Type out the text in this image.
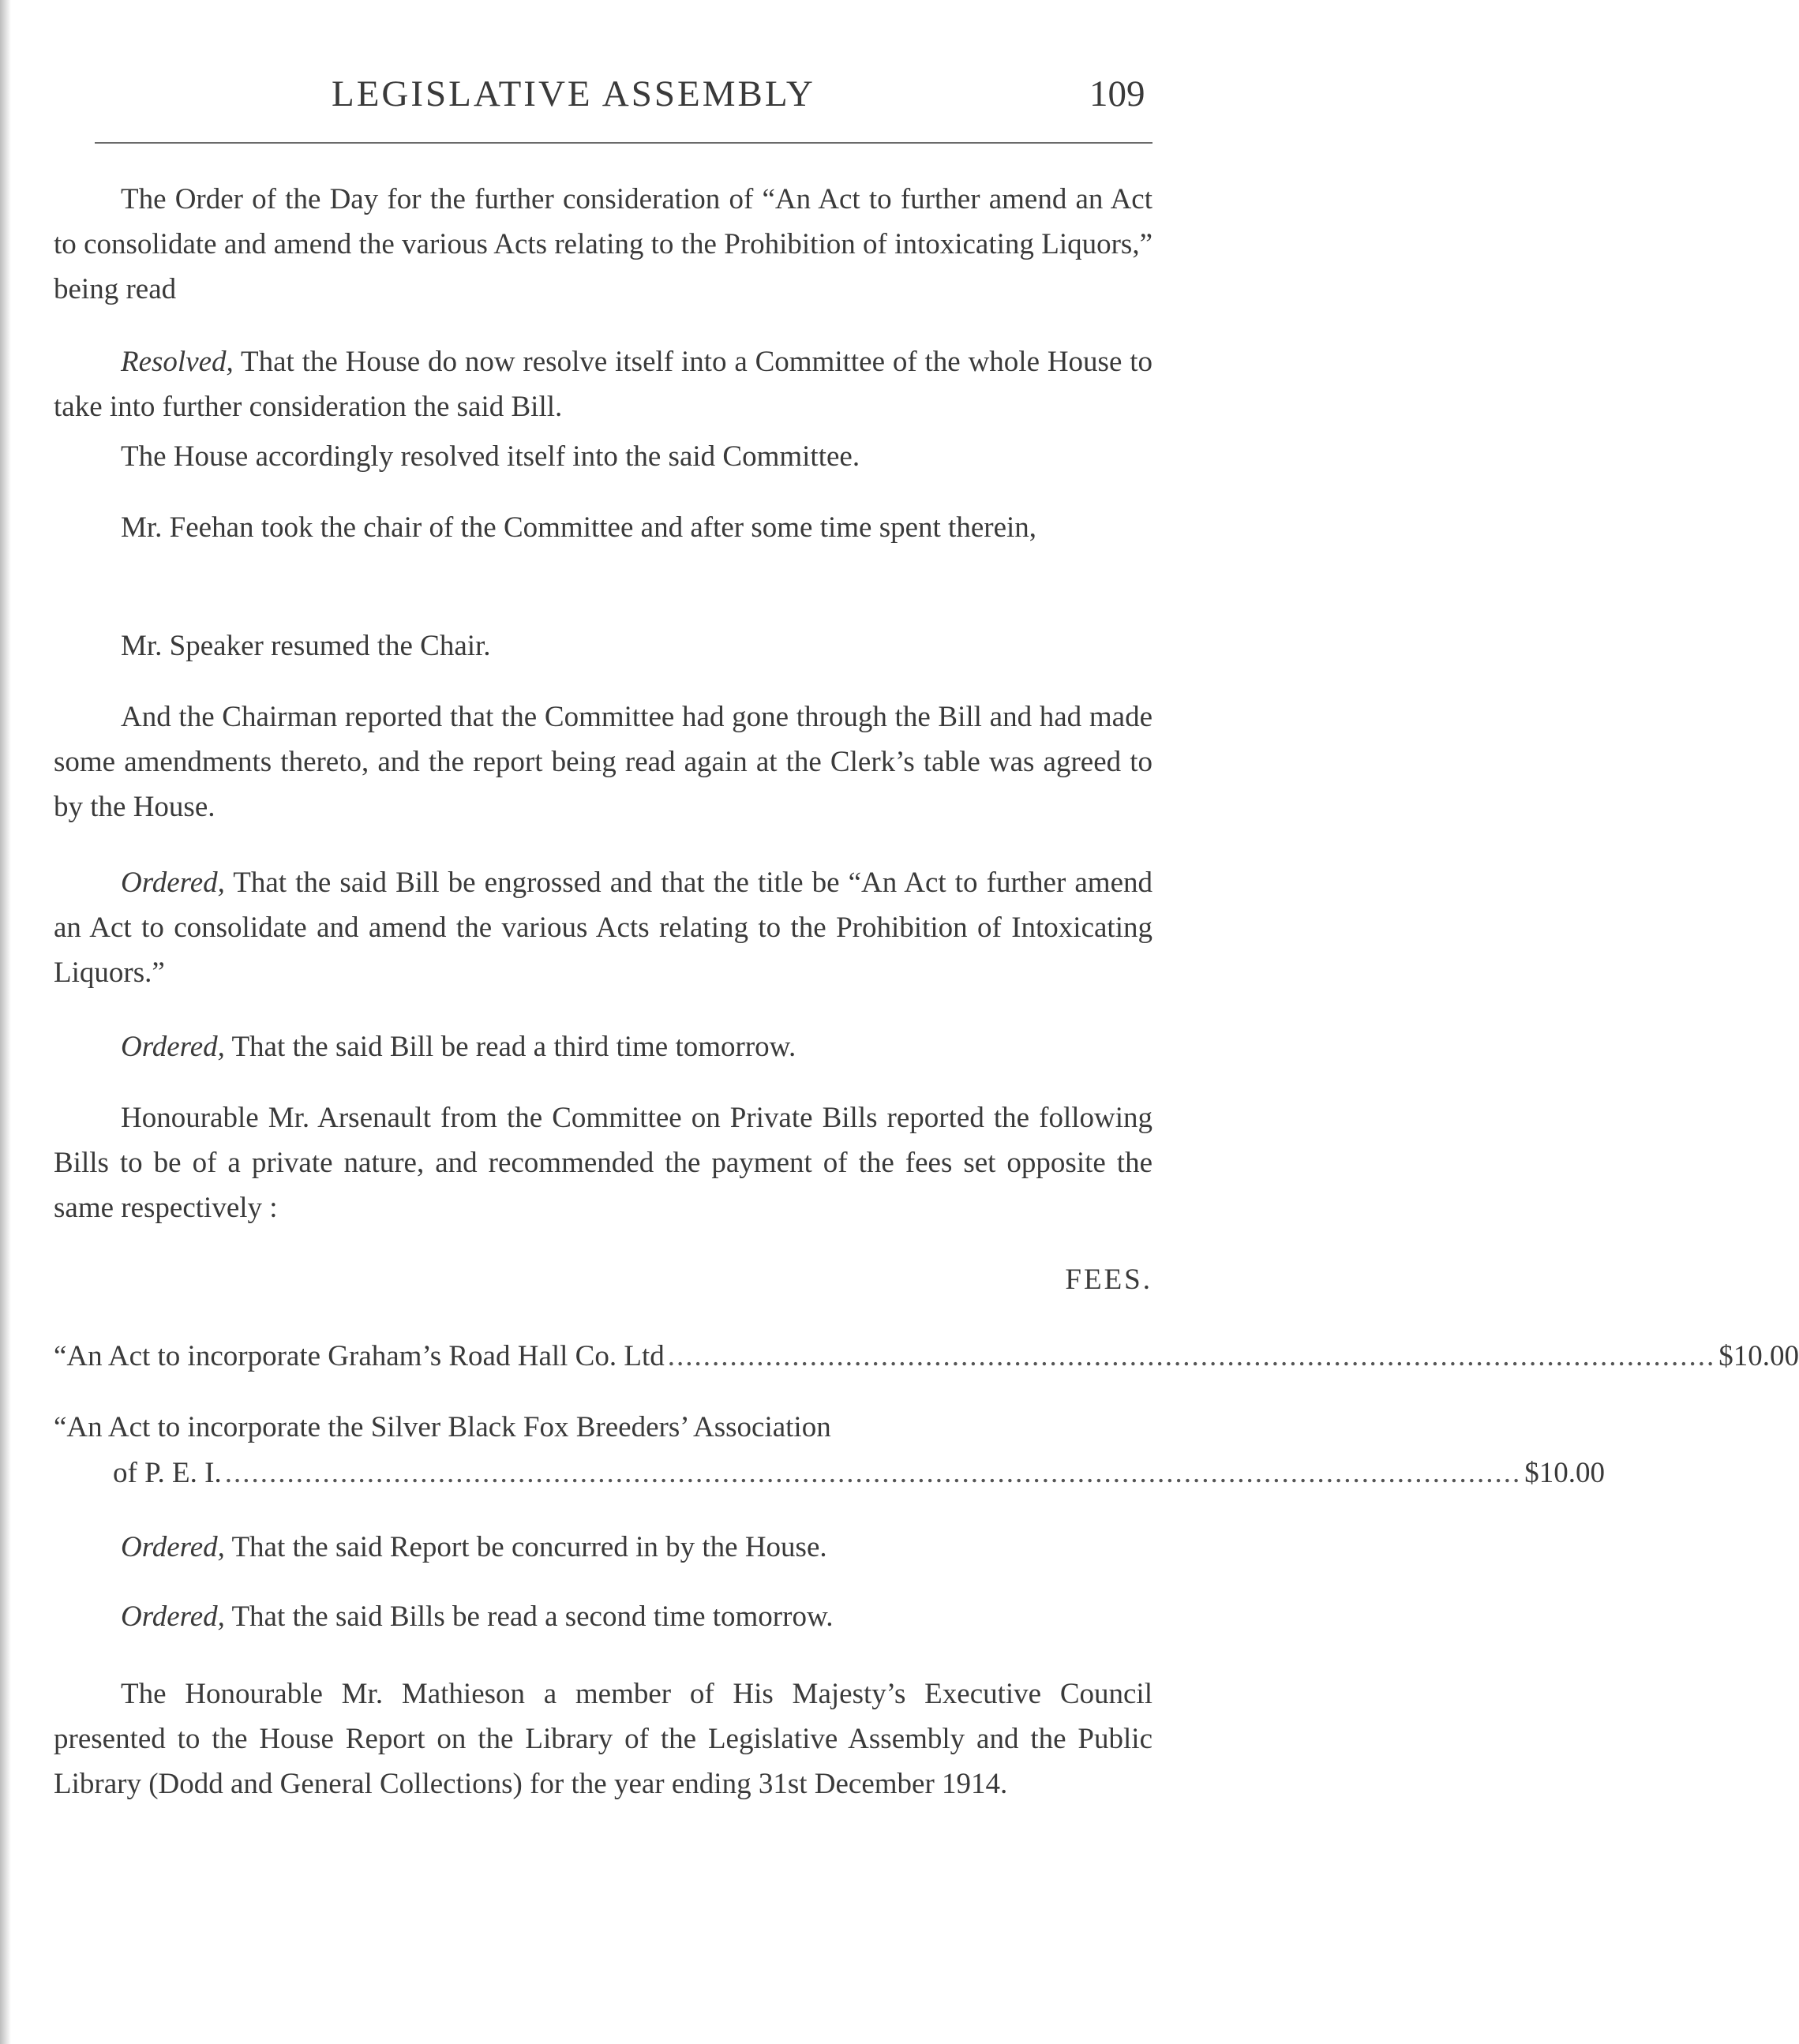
LEGISLATIVE ASSEMBLY	109

The Order of the Day for the further consideration of “An Act to further amend an Act to consolidate and amend the various Acts relating to the Prohibition of intoxicating Liquors,” being read

Resolved, That the House do now resolve itself into a Committee of the whole House to take into further consideration the said Bill.

The House accordingly resolved itself into the said Committee.

Mr. Feehan took the chair of the Committee and after some time spent therein,

Mr. Speaker resumed the Chair.

And the Chairman reported that the Committee had gone through the Bill and had made some amendments thereto, and the report being read again at the Clerk’s table was agreed to by the House.

Ordered, That the said Bill be engrossed and that the title be “An Act to further amend an Act to consolidate and amend the various Acts relating to the Prohibition of Intoxicating Liquors.”

Ordered, That the said Bill be read a third time tomorrow.

Honourable Mr. Arsenault from the Committee on Private Bills reported the following Bills to be of a private nature, and recommended the payment of the fees set opposite the same respectively :

FEES.
“An Act to incorporate Graham’s Road Hall Co. Ltd ...................................................................................................................... $10.00
“An Act to incorporate the Silver Black Fox Breeders’ Association
of P. E. I. .................................................................................................................................................. $10.00

Ordered, That the said Report be concurred in by the House.

Ordered, That the said Bills be read a second time tomorrow.

The Honourable Mr. Mathieson a member of His Majesty’s Executive Council presented to the House Report on the Library of the Legislative Assembly and the Public Library (Dodd and General Collections) for the year ending 31st December 1914.
